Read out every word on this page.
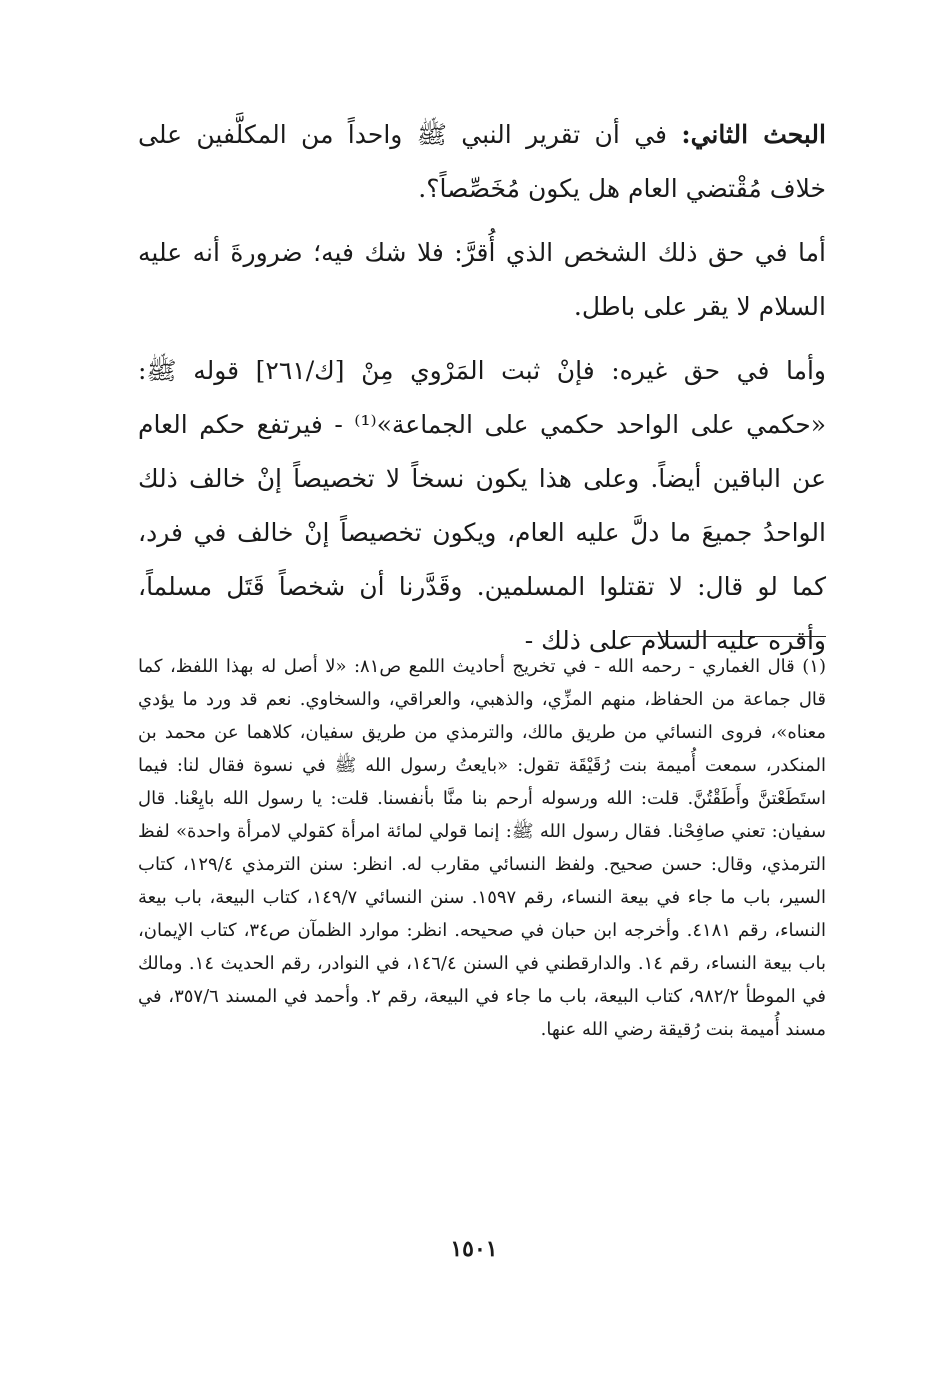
البحث الثاني: في أن تقرير النبي ﷺ واحداً من المكلَّفين على خلاف مُقْتضي العام هل يكون مُخَصِّصاً؟.

أما في حق ذلك الشخص الذي أُقرَّ: فلا شك فيه؛ ضرورةَ أنه عليه السلام لا يقر على باطل.

وأما في حق غيره: فإنْ ثبت المَرْوي مِنْ [ك/٢٦١] قوله ﷺ: «حكمي على الواحد حكمي على الجماعة»⁽¹⁾ - فيرتفع حكم العام عن الباقين أيضاً. وعلى هذا يكون نسخاً لا تخصيصاً إنْ خالف ذلك الواحدُ جميعَ ما دلَّ عليه العام، ويكون تخصيصاً إنْ خالف في فرد، كما لو قال: لا تقتلوا المسلمين. وقَدَّرنا أن شخصاً قَتَل مسلماً، وأقره عليه السلام على ذلك -

(١) قال الغماري - رحمه الله - في تخريج أحاديث اللمع ص٨١: «لا أصل له بهذا اللفظ، كما قال جماعة من الحفاظ، منهم المزِّي، والذهبي، والعراقي، والسخاوي. نعم قد ورد ما يؤدي معناه»، فروى النسائي من طريق مالك، والترمذي من طريق سفيان، كلاهما عن محمد بن المنكدر، سمعت أُميمة بنت رُقَيْقَة تقول: «بايعتُ رسول الله ﷺ في نسوة فقال لنا: فيما استَطَعْتنَّ وأَطَقْتُنَّ. قلت: الله ورسوله أرحم بنا منَّا بأنفسنا. قلت: يا رسول الله بايِعْنا. قال سفيان: تعني صافِحْنا. فقال رسول الله ﷺ: إنما قولي لمائة امرأة كقولي لامرأة واحدة» لفظ الترمذي، وقال: حسن صحيح. ولفظ النسائي مقارب له. انظر: سنن الترمذي ١٢٩/٤، كتاب السير، باب ما جاء في بيعة النساء، رقم ١٥٩٧. سنن النسائي ١٤٩/٧، كتاب البيعة، باب بيعة النساء، رقم ٤١٨١. وأخرجه ابن حبان في صحيحه. انظر: موارد الظمآن ص٣٤، كتاب الإيمان، باب بيعة النساء، رقم ١٤. والدارقطني في السنن ١٤٦/٤، في النوادر، رقم الحديث ١٤. ومالك في الموطأ ٩٨٢/٢، كتاب البيعة، باب ما جاء في البيعة، رقم ٢. وأحمد في المسند ٣٥٧/٦، في مسند أُميمة بنت رُقيقة رضي الله عنها.

١٥٠١
